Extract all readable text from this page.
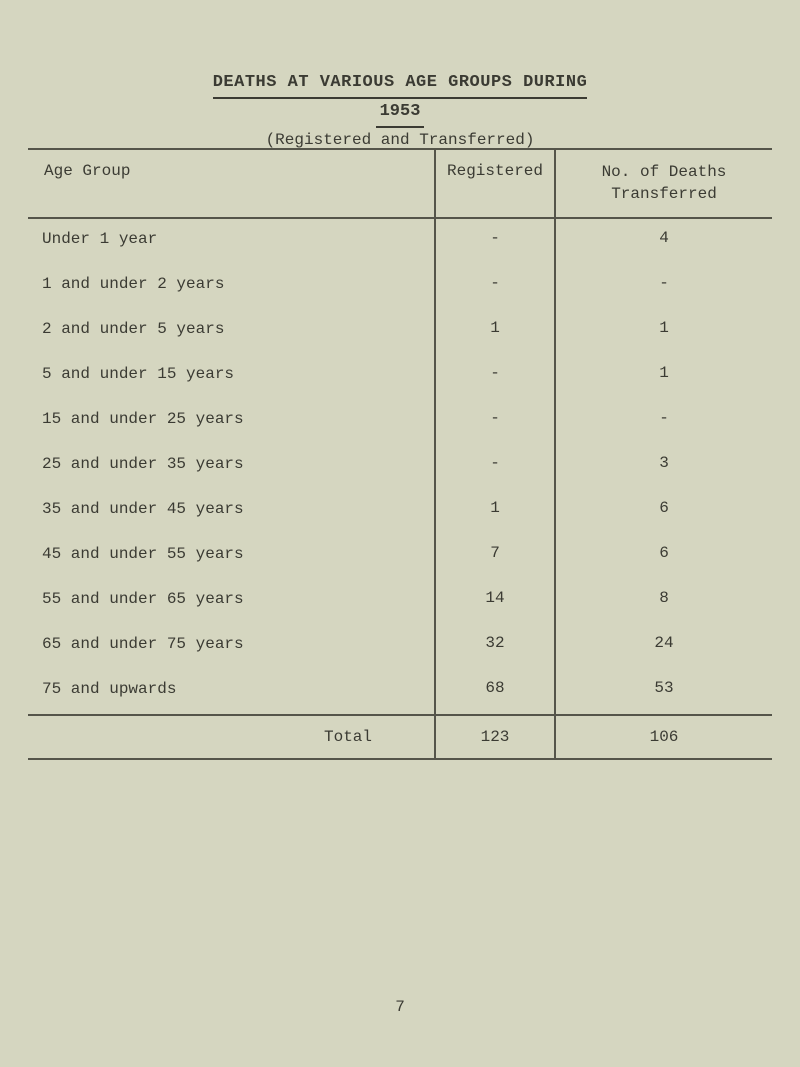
DEATHS AT VARIOUS AGE GROUPS DURING
1953
(Registered and Transferred)
Age Group	Registered	No. of Deaths
Transferred
Under 1 year	-	4
1 and under 2 years	-	-
2 and under 5 years	1	1
5 and under 15 years	-	1
15 and under 25 years	-	-
25 and under 35 years	-	3
35 and under 45 years	1	6
45 and under 55 years	7	6
55 and under 65 years	14	8
65 and under 75 years	32	24
75 and upwards	68	53
Total	123	106
7
